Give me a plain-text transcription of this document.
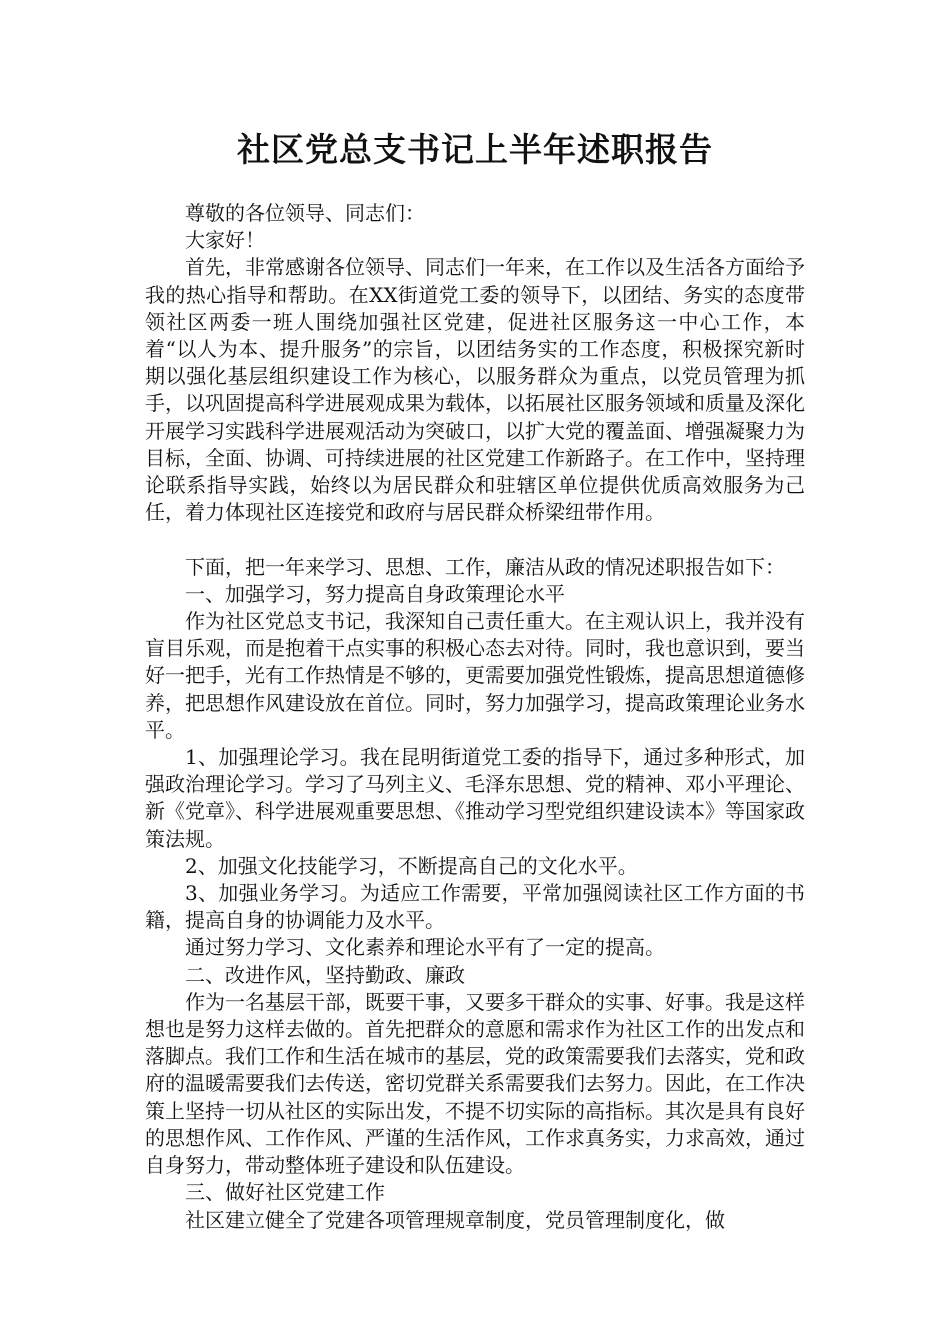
社区党总支书记上半年述职报告

尊敬的各位领导、同志们：

大家好！

首先，非常感谢各位领导、同志们一年来，在工作以及生活各方面给予我的热心指导和帮助。在XX街道党工委的领导下，以团结、务实的态度带领社区两委一班人围绕加强社区党建，促进社区服务这一中心工作，本着“以人为本、提升服务”的宗旨，以团结务实的工作态度，积极探究新时期以强化基层组织建设工作为核心，以服务群众为重点，以党员管理为抓手，以巩固提高科学进展观成果为载体，以拓展社区服务领域和质量及深化开展学习实践科学进展观活动为突破口，以扩大党的覆盖面、增强凝聚力为目标，全面、协调、可持续进展的社区党建工作新路子。在工作中，坚持理论联系指导实践，始终以为居民群众和驻辖区单位提供优质高效服务为己任，着力体现社区连接党和政府与居民群众桥梁纽带作用。

下面，把一年来学习、思想、工作，廉洁从政的情况述职报告如下：

一、加强学习，努力提高自身政策理论水平

作为社区党总支书记，我深知自己责任重大。在主观认识上，我并没有盲目乐观，而是抱着干点实事的积极心态去对待。同时，我也意识到，要当好一把手，光有工作热情是不够的，更需要加强党性锻炼，提高思想道德修养，把思想作风建设放在首位。同时，努力加强学习，提高政策理论业务水平。

1、加强理论学习。我在昆明街道党工委的指导下，通过多种形式，加强政治理论学习。学习了马列主义、毛泽东思想、党的精神、邓小平理论、新《党章》、科学进展观重要思想、《推动学习型党组织建设读本》等国家政策法规。

2、加强文化技能学习，不断提高自己的文化水平。

3、加强业务学习。为适应工作需要，平常加强阅读社区工作方面的书籍，提高自身的协调能力及水平。

通过努力学习、文化素养和理论水平有了一定的提高。

二、改进作风，坚持勤政、廉政

作为一名基层干部，既要干事，又要多干群众的实事、好事。我是这样想也是努力这样去做的。首先把群众的意愿和需求作为社区工作的出发点和落脚点。我们工作和生活在城市的基层，党的政策需要我们去落实，党和政府的温暖需要我们去传送，密切党群关系需要我们去努力。因此，在工作决策上坚持一切从社区的实际出发，不提不切实际的高指标。其次是具有良好的思想作风、工作作风、严谨的生活作风，工作求真务实，力求高效，通过自身努力，带动整体班子建设和队伍建设。

三、做好社区党建工作

社区建立健全了党建各项管理规章制度，党员管理制度化，做
